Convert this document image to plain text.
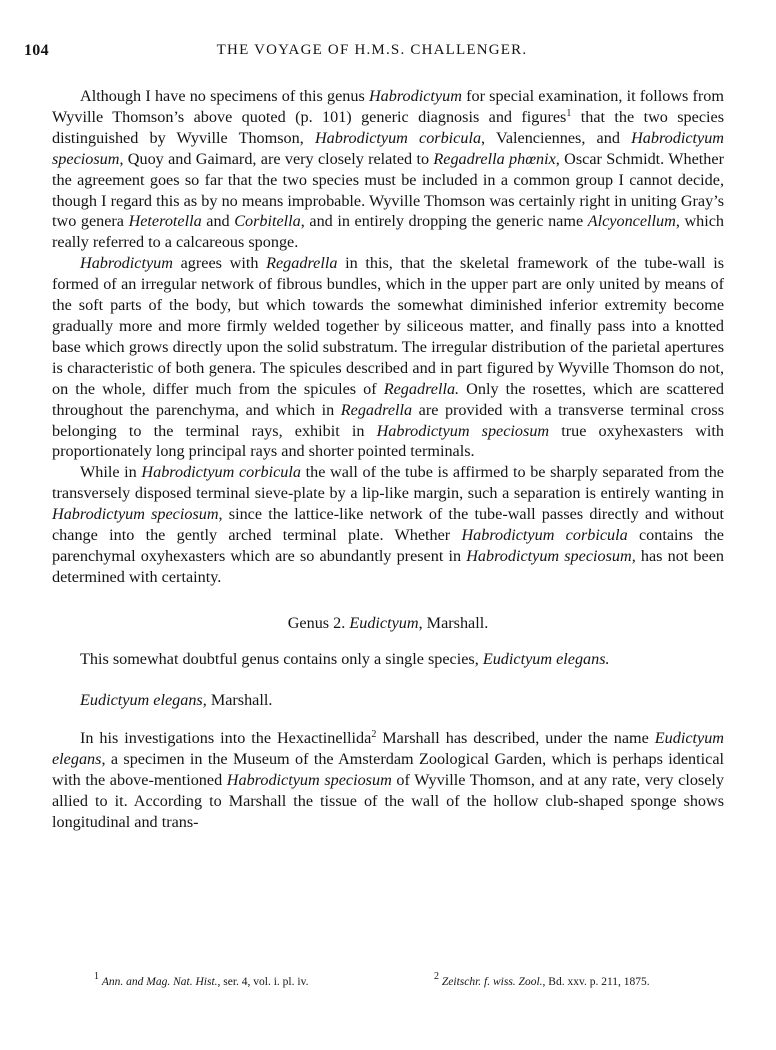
104	THE VOYAGE OF H.M.S. CHALLENGER.

Although I have no specimens of this genus Habrodictyum for special examination, it follows from Wyville Thomson’s above quoted (p. 101) generic diagnosis and figures$^1$ that the two species distinguished by Wyville Thomson, Habrodictyum corbicula, Valenciennes, and Habrodictyum speciosum, Quoy and Gaimard, are very closely related to Regadrella phœnix, Oscar Schmidt. Whether the agreement goes so far that the two species must be included in a common group I cannot decide, though I regard this as by no means improbable. Wyville Thomson was certainly right in uniting Gray’s two genera Heterotella and Corbitella, and in entirely dropping the generic name Alcyoncellum, which really referred to a calcareous sponge.

Habrodictyum agrees with Regadrella in this, that the skeletal framework of the tube-wall is formed of an irregular network of fibrous bundles, which in the upper part are only united by means of the soft parts of the body, but which towards the somewhat diminished inferior extremity become gradually more and more firmly welded together by siliceous matter, and finally pass into a knotted base which grows directly upon the solid substratum. The irregular distribution of the parietal apertures is characteristic of both genera. The spicules described and in part figured by Wyville Thomson do not, on the whole, differ much from the spicules of Regadrella. Only the rosettes, which are scattered throughout the parenchyma, and which in Regadrella are provided with a transverse terminal cross belonging to the terminal rays, exhibit in Habrodictyum speciosum true oxyhexasters with proportionately long principal rays and shorter pointed terminals.

While in Habrodictyum corbicula the wall of the tube is affirmed to be sharply separated from the transversely disposed terminal sieve-plate by a lip-like margin, such a separation is entirely wanting in Habrodictyum speciosum, since the lattice-like network of the tube-wall passes directly and without change into the gently arched terminal plate. Whether Habrodictyum corbicula contains the parenchymal oxyhexasters which are so abundantly present in Habrodictyum speciosum, has not been determined with certainty.

Genus 2. Eudictyum, Marshall.

This somewhat doubtful genus contains only a single species, Eudictyum elegans.

Eudictyum elegans, Marshall.

In his investigations into the Hexactinellida$^2$ Marshall has described, under the name Eudictyum elegans, a specimen in the Museum of the Amsterdam Zoological Garden, which is perhaps identical with the above-mentioned Habrodictyum speciosum of Wyville Thomson, and at any rate, very closely allied to it. According to Marshall the tissue of the wall of the hollow club-shaped sponge shows longitudinal and trans-

$^1$ Ann. and Mag. Nat. Hist., ser. 4, vol. i. pl. iv.	$^2$ Zeitschr. f. wiss. Zool., Bd. xxv. p. 211, 1875.
